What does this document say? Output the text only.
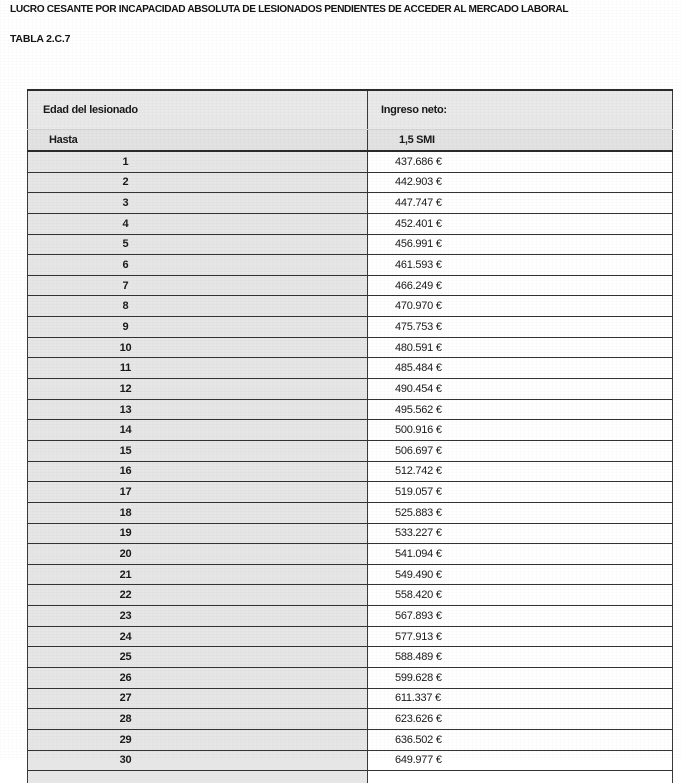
LUCRO CESANTE POR INCAPACIDAD ABSOLUTA DE LESIONADOS PENDIENTES DE ACCEDER AL MERCADO LABORAL
TABLA 2.C.7
Edad del lesionado	Ingreso neto:
Hasta	1,5 SMI
1	437.686 €
2	442.903 €
3	447.747 €
4	452.401 €
5	456.991 €
6	461.593 €
7	466.249 €
8	470.970 €
9	475.753 €
10	480.591 €
11	485.484 €
12	490.454 €
13	495.562 €
14	500.916 €
15	506.697 €
16	512.742 €
17	519.057 €
18	525.883 €
19	533.227 €
20	541.094 €
21	549.490 €
22	558.420 €
23	567.893 €
24	577.913 €
25	588.489 €
26	599.628 €
27	611.337 €
28	623.626 €
29	636.502 €
30	649.977 €
